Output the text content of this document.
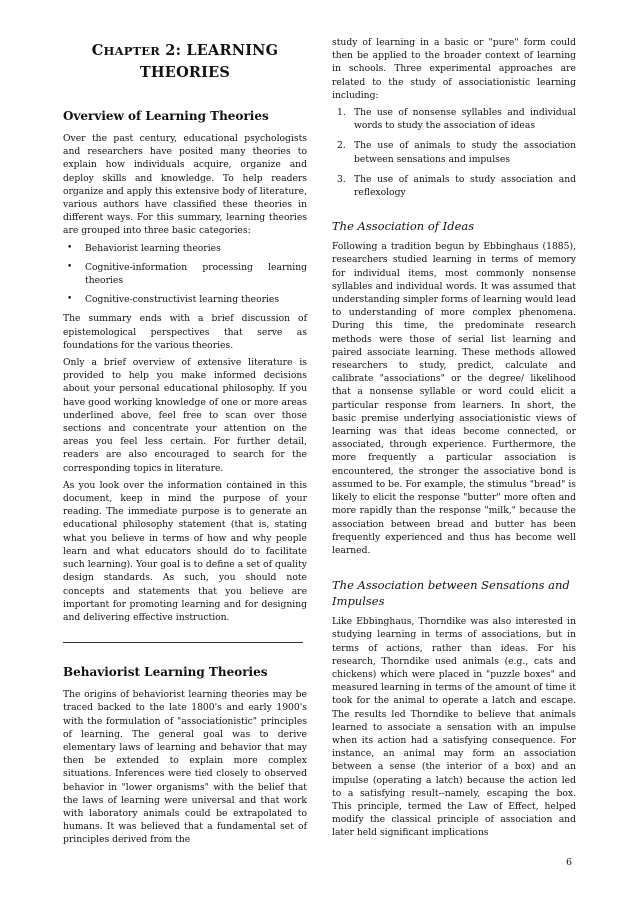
CHAPTER 2: LEARNING
THEORIES
Overview of Learning Theories

Over the past century, educational psychologists and researchers have posited many theories to explain how individuals acquire, organize and deploy skills and knowledge. To help readers organize and apply this extensive body of literature, various authors have classified these theories in different ways. For this summary, learning theories are grouped into three basic categories:

• Behaviorist learning theories
• Cognitive-information processing learning theories
• Cognitive-constructivist learning theories

The summary ends with a brief discussion of epistemological perspectives that serve as foundations for the various theories.

Only a brief overview of extensive literature is provided to help you make informed decisions about your personal educational philosophy. If you have good working knowledge of one or more areas underlined above, feel free to scan over those sections and concentrate your attention on the areas you feel less certain. For further detail, readers are also encouraged to search for the corresponding topics in literature.

As you look over the information contained in this document, keep in mind the purpose of your reading. The immediate purpose is to generate an educational philosophy statement (that is, stating what you believe in terms of how and why people learn and what educators should do to facilitate such learning). Your goal is to define a set of quality design standards. As such, you should note concepts and statements that you believe are important for promoting learning and for designing and delivering effective instruction.

Behaviorist Learning Theories

The origins of behaviorist learning theories may be traced backed to the late 1800's and early 1900's with the formulation of "associationistic" principles of learning. The general goal was to derive elementary laws of learning and behavior that may then be extended to explain more complex situations. Inferences were tied closely to observed behavior in "lower organisms" with the belief that the laws of learning were universal and that work with laboratory animals could be extrapolated to humans. It was believed that a fundamental set of principles derived from the

study of learning in a basic or "pure" form could then be applied to the broader context of learning in schools. Three experimental approaches are related to the study of associationistic learning including:

1. The use of nonsense syllables and individual words to study the association of ideas
2. The use of animals to study the association between sensations and impulses
3. The use of animals to study association and reflexology
The Association of Ideas

Following a tradition begun by Ebbinghaus (1885), researchers studied learning in terms of memory for individual items, most commonly nonsense syllables and individual words. It was assumed that understanding simpler forms of learning would lead to understanding of more complex phenomena. During this time, the predominate research methods were those of serial list learning and paired associate learning. These methods allowed researchers to study, predict, calculate and calibrate "associations" or the degree/ likelihood that a nonsense syllable or word could elicit a particular response from learners. In short, the basic premise underlying associationistic views of learning was that ideas become connected, or associated, through experience. Furthermore, the more frequently a particular association is encountered, the stronger the associative bond is assumed to be. For example, the stimulus "bread" is likely to elicit the response "butter" more often and more rapidly than the response "milk," because the association between bread and butter has been frequently experienced and thus has become well learned.

The Association between Sensations and Impulses

Like Ebbinghaus, Thorndike was also interested in studying learning in terms of associations, but in terms of actions, rather than ideas. For his research, Thorndike used animals (e.g., cats and chickens) which were placed in "puzzle boxes" and measured learning in terms of the amount of time it took for the animal to operate a latch and escape. The results led Thorndike to believe that animals learned to associate a sensation with an impulse when its action had a satisfying consequence. For instance, an animal may form an association between a sense (the interior of a box) and an impulse (operating a latch) because the action led to a satisfying result--namely, escaping the box. This principle, termed the Law of Effect, helped modify the classical principle of association and later held significant implications

6
